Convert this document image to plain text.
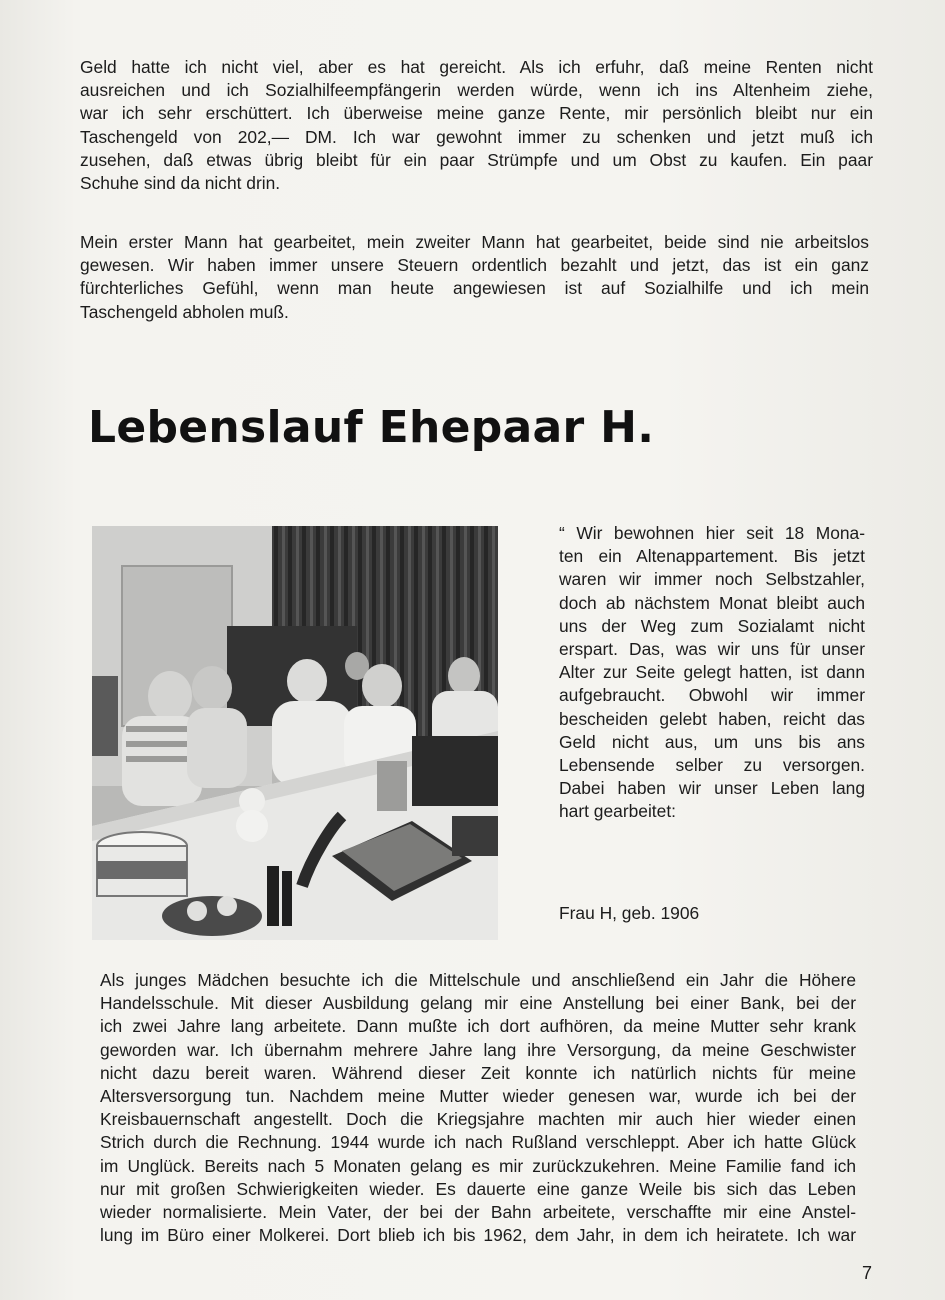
Geld hatte ich nicht viel, aber es hat gereicht. Als ich erfuhr, daß meine Renten nicht
ausreichen und ich Sozialhilfeempfängerin werden würde, wenn ich ins Altenheim ziehe,
war ich sehr erschüttert. Ich überweise meine ganze Rente, mir persönlich bleibt nur ein
Taschengeld von 202,— DM. Ich war gewohnt immer zu schenken und jetzt muß ich
zusehen, daß etwas übrig bleibt für ein paar Strümpfe und um Obst zu kaufen. Ein paar
Schuhe sind da nicht drin.
Mein erster Mann hat gearbeitet, mein zweiter Mann hat gearbeitet, beide sind nie arbeitslos
gewesen. Wir haben immer unsere Steuern ordentlich bezahlt und jetzt, das ist ein ganz
fürchterliches Gefühl, wenn man heute angewiesen ist auf Sozialhilfe und ich mein
Taschengeld abholen muß.
Lebenslauf Ehepaar H.
“ Wir bewohnen hier seit 18 Mona-
ten ein Altenappartement. Bis jetzt
waren wir immer noch Selbstzahler,
doch ab nächstem Monat bleibt auch
uns der Weg zum Sozialamt nicht
erspart. Das, was wir uns für unser
Alter zur Seite gelegt hatten, ist dann
aufgebraucht. Obwohl wir immer
bescheiden gelebt haben, reicht das
Geld nicht aus, um uns bis ans
Lebensende selber zu versorgen.
Dabei haben wir unser Leben lang
hart gearbeitet:

Frau H, geb. 1906

Als junges Mädchen besuchte ich die Mittelschule und anschließend ein Jahr die Höhere
Handelsschule. Mit dieser Ausbildung gelang mir eine Anstellung bei einer Bank, bei der
ich zwei Jahre lang arbeitete. Dann mußte ich dort aufhören, da meine Mutter sehr krank
geworden war. Ich übernahm mehrere Jahre lang ihre Versorgung, da meine Geschwister
nicht dazu bereit waren. Während dieser Zeit konnte ich natürlich nichts für meine
Altersversorgung tun. Nachdem meine Mutter wieder genesen war, wurde ich bei der
Kreisbauernschaft angestellt. Doch die Kriegsjahre machten mir auch hier wieder einen
Strich durch die Rechnung. 1944 wurde ich nach Rußland verschleppt. Aber ich hatte Glück
im Unglück. Bereits nach 5 Monaten gelang es mir zurückzukehren. Meine Familie fand ich
nur mit großen Schwierigkeiten wieder. Es dauerte eine ganze Weile bis sich das Leben
wieder normalisierte. Mein Vater, der bei der Bahn arbeitete, verschaffte mir eine Anstel-
lung im Büro einer Molkerei. Dort blieb ich bis 1962, dem Jahr, in dem ich heiratete. Ich war

7
